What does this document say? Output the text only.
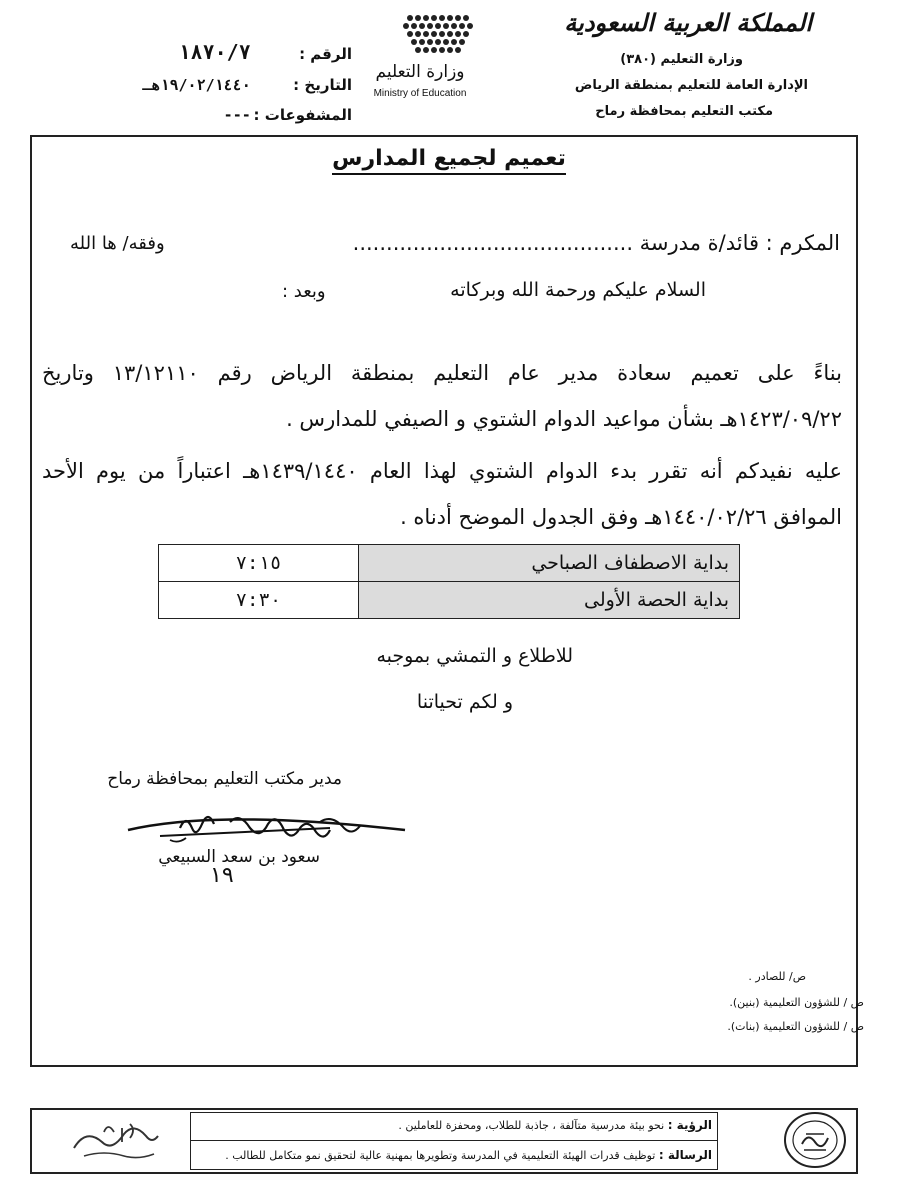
المملكة العربية السعودية
وزارة التعليم (٣٨٠)
الإدارة العامة للتعليم بمنطقة الرياض
مكتب التعليم بمحافظة رماح
وزارة التعليم
Ministry of Education
الرقم : ١٨٧٠/٧
التاريخ : ١٩/٠٢/١٤٤٠هـ
المشفوعات : ---
تعميم لجميع المدارس
المكرم : قائد/ة مدرسة ..........................................
وفقه/ ها الله
السلام عليكم ورحمة الله وبركاته
وبعد :
بناءً على تعميم سعادة مدير عام التعليم بمنطقة الرياض رقم ١٣/١٢١١٠ وتاريخ
١٤٢٣/٠٩/٢٢هـ بشأن مواعيد الدوام الشتوي و الصيفي للمدارس .
عليه نفيدكم أنه تقرر بدء الدوام الشتوي لهذا العام ١٤٣٩/١٤٤٠هـ اعتباراً من يوم الأحد
الموافق ١٤٤٠/٠٢/٢٦هـ وفق الجدول الموضح أدناه .
٧:١٥	بداية الاصطفاف الصباحي
٧:٣٠	بداية الحصة الأولى
للاطلاع و التمشي بموجبه
و لكم تحياتنا
مدير مكتب التعليم بمحافظة رماح
سعود بن سعد السبيعي
١٩
ص/ للصادر .
ص / للشؤون التعليمية (بنين).
ص / للشؤون التعليمية (بنات).
الرؤية : نحو بيئة مدرسية متآلفة ، جاذبة للطلاب، ومحفزة للعاملين .
الرسالة : توظيف قدرات الهيئة التعليمية في المدرسة وتطويرها بمهنية عالية لتحقيق نمو متكامل للطالب .
